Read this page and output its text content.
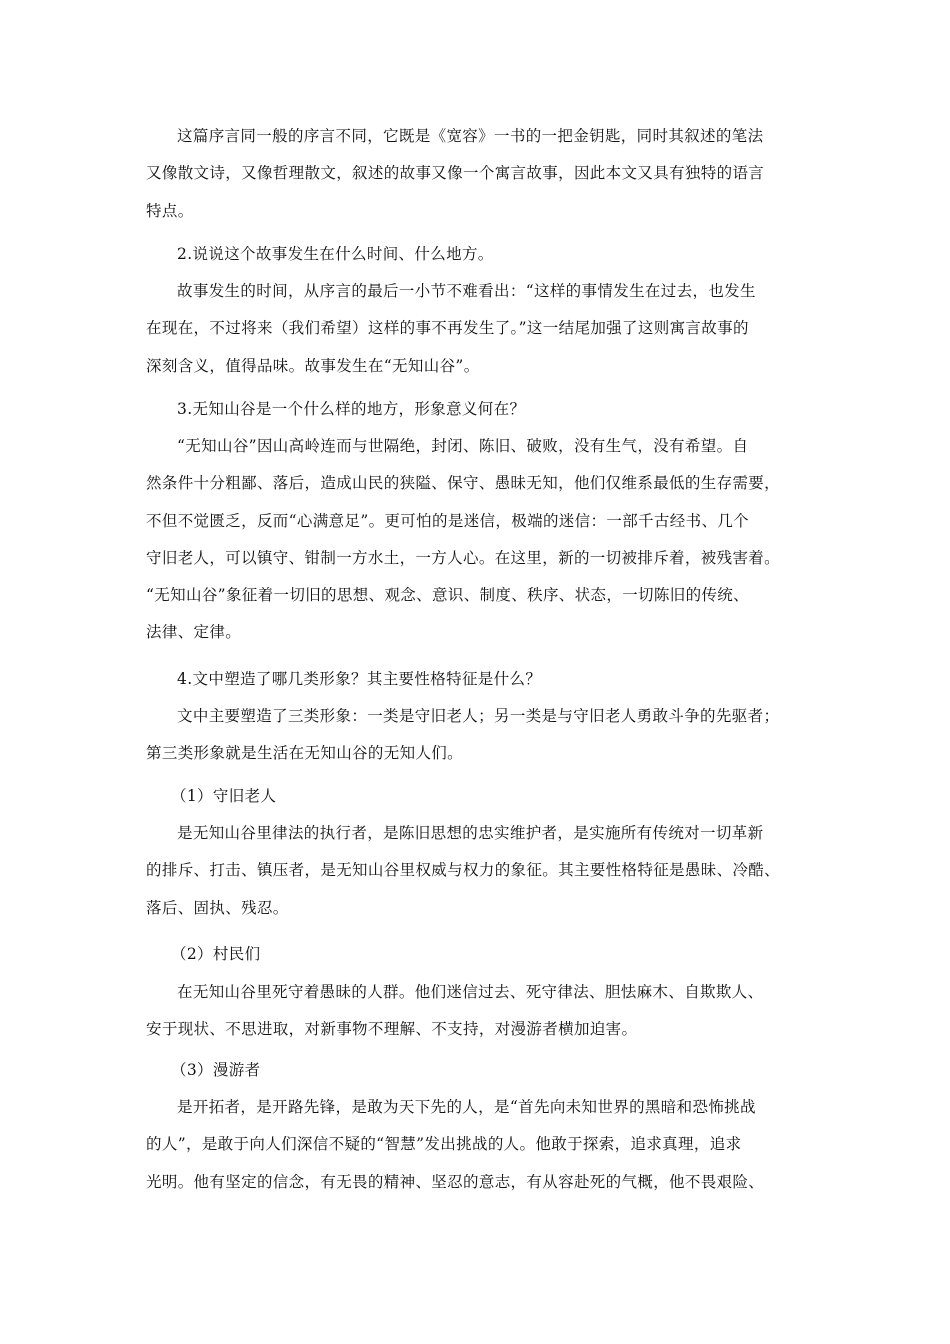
这篇序言同一般的序言不同，它既是《宽容》一书的一把金钥匙，同时其叙述的笔法
又像散文诗，又像哲理散文，叙述的故事又像一个寓言故事，因此本文又具有独特的语言
特点。
2.说说这个故事发生在什么时间、什么地方。
故事发生的时间，从序言的最后一小节不难看出：“这样的事情发生在过去，也发生
在现在，不过将来（我们希望）这样的事不再发生了。”这一结尾加强了这则寓言故事的
深刻含义，值得品味。故事发生在“无知山谷”。
3.无知山谷是一个什么样的地方，形象意义何在？
“无知山谷”因山高岭连而与世隔绝，封闭、陈旧、破败，没有生气，没有希望。自
然条件十分粗鄙、落后，造成山民的狭隘、保守、愚昧无知，他们仅维系最低的生存需要，
不但不觉匮乏，反而“心满意足”。更可怕的是迷信，极端的迷信：一部千古经书、几个
守旧老人，可以镇守、钳制一方水土，一方人心。在这里，新的一切被排斥着，被残害着。
“无知山谷”象征着一切旧的思想、观念、意识、制度、秩序、状态，一切陈旧的传统、
法律、定律。
4.文中塑造了哪几类形象？其主要性格特征是什么？
文中主要塑造了三类形象：一类是守旧老人；另一类是与守旧老人勇敢斗争的先驱者；
第三类形象就是生活在无知山谷的无知人们。
（1）守旧老人
是无知山谷里律法的执行者，是陈旧思想的忠实维护者，是实施所有传统对一切革新
的排斥、打击、镇压者，是无知山谷里权威与权力的象征。其主要性格特征是愚昧、冷酷、
落后、固执、残忍。
（2）村民们
在无知山谷里死守着愚昧的人群。他们迷信过去、死守律法、胆怯麻木、自欺欺人、
安于现状、不思进取，对新事物不理解、不支持，对漫游者横加迫害。
（3）漫游者
是开拓者，是开路先锋，是敢为天下先的人，是“首先向未知世界的黑暗和恐怖挑战
的人”，是敢于向人们深信不疑的“智慧”发出挑战的人。他敢于探索，追求真理，追求
光明。他有坚定的信念，有无畏的精神、坚忍的意志，有从容赴死的气概，他不畏艰险、
